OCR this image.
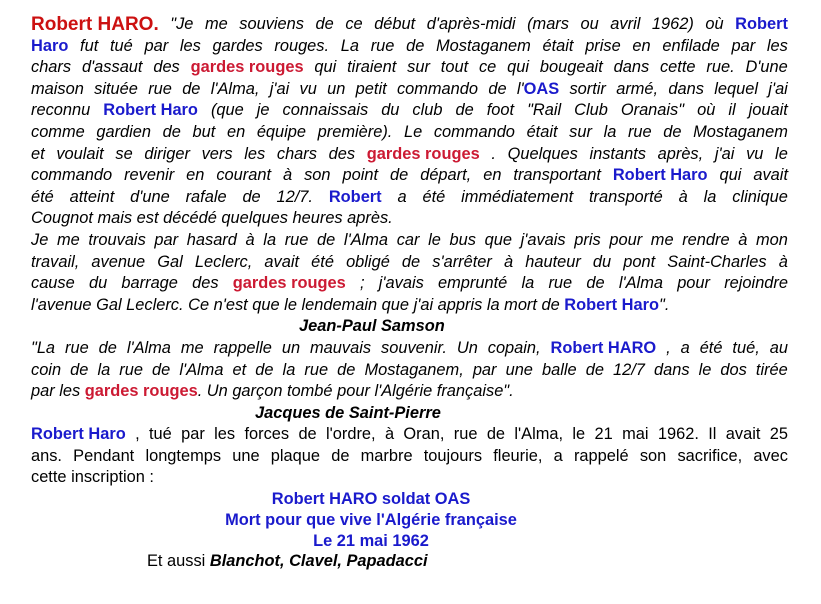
Robert HARO. "Je me souviens de ce début d'après-midi (mars ou avril 1962) où Robert
Haro fut tué par les gardes rouges. La rue de Mostaganem était prise en enfilade par les
chars d'assaut des gardes rouges qui tiraient sur tout ce qui bougeait dans cette rue. D'une
maison située rue de l'Alma, j'ai vu un petit commando de l'OAS sortir armé, dans lequel j'ai
reconnu Robert Haro (que je connaissais du club de foot "Rail Club Oranais" où il jouait
comme gardien de but en équipe première). Le commando était sur la rue de Mostaganem
et voulait se diriger vers les chars des gardes rouges . Quelques instants après, j'ai vu le
commando revenir en courant à son point de départ, en transportant Robert Haro qui avait
été atteint d'une rafale de 12/7. Robert a été immédiatement transporté à la clinique
Cougnot mais est décédé quelques heures après.
Je me trouvais par hasard à la rue de l'Alma car le bus que j'avais pris pour me rendre à mon
travail, avenue Gal Leclerc, avait été obligé de s'arrêter à hauteur du pont Saint-Charles à
cause du barrage des gardes rouges ; j'avais emprunté la rue de l'Alma pour rejoindre
l'avenue Gal Leclerc. Ce n'est que le lendemain que j'ai appris la mort de Robert Haro".
Jean-Paul Samson
"La rue de l'Alma me rappelle un mauvais souvenir. Un copain, Robert HARO , a été tué, au
coin de la rue de l'Alma et de la rue de Mostaganem, par une balle de 12/7 dans le dos tirée
par les gardes rouges. Un garçon tombé pour l'Algérie française".
Jacques de Saint-Pierre
Robert Haro , tué par les forces de l'ordre, à Oran, rue de l'Alma, le 21 mai 1962. Il avait 25
ans. Pendant longtemps une plaque de marbre toujours fleurie, a rappelé son sacrifice, avec
cette inscription :
Robert HARO soldat OAS
Mort pour que vive l'Algérie française
Le 21 mai 1962
Et aussi Blanchot, Clavel, Papadacci
